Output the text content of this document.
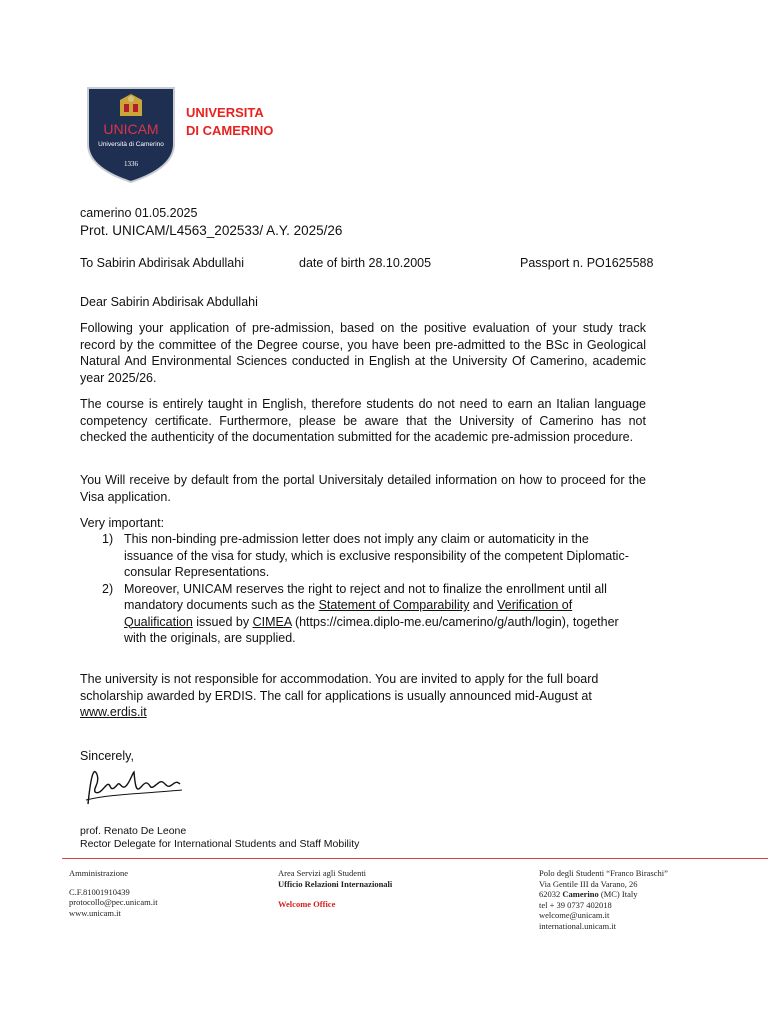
UNICAM
Università di Camerino
1336
UNIVERSITA
DI CAMERINO
camerino 01.05.2025
Prot. UNICAM/L4563_202533/ A.Y. 2025/26
To Sabirin Abdirisak Abdullahi	date of birth 28.10.2005	Passport n. PO1625588
Dear Sabirin Abdirisak Abdullahi
Following your application of pre-admission, based on the positive evaluation of your study track record by the committee of the Degree course, you have been pre-admitted to the BSc in Geological Natural And Environmental Sciences conducted in English at the University Of Camerino, academic year 2025/26.
The course is entirely taught in English, therefore students do not need to earn an Italian language competency certificate. Furthermore, please be aware that the University of Camerino has not checked the authenticity of the documentation submitted for the academic pre-admission procedure.
You Will receive by default from the portal Universitaly detailed information on how to proceed for the Visa application.
Very important:
1) This non-binding pre-admission letter does not imply any claim or automaticity in the issuance of the visa for study, which is exclusive responsibility of the competent Diplomatic-consular Representations.
2) Moreover, UNICAM reserves the right to reject and not to finalize the enrollment until all mandatory documents such as the Statement of Comparability and Verification of Qualification issued by CIMEA (https://cimea.diplo-me.eu/camerino/g/auth/login), together with the originals, are supplied.
The university is not responsible for accommodation. You are invited to apply for the full board scholarship awarded by ERDIS. The call for applications is usually announced mid-August at
www.erdis.it
Sincerely,
prof. Renato De Leone
Rector Delegate for International Students and Staff Mobility
Amministrazione
C.F.81001910439
protocollo@pec.unicam.it
www.unicam.it
Area Servizi agli Studenti
Ufficio Relazioni Internazionali
Welcome Office
Polo degli Studenti “Franco Biraschi”
Via Gentile III da Varano, 26
62032 Camerino (MC) Italy
tel + 39 0737 402018
welcome@unicam.it
international.unicam.it
